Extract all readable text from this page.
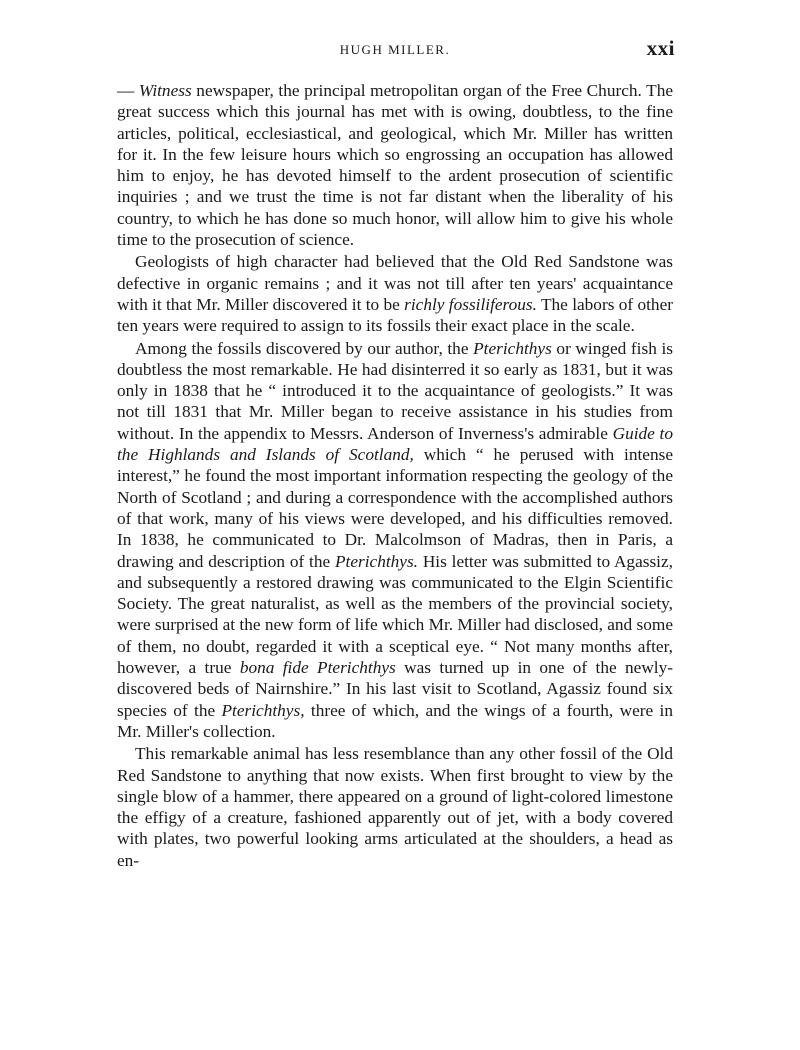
HUGH MILLER.	xxi

— Witness newspaper, the principal metropolitan organ of the Free Church. The great success which this journal has met with is owing, doubtless, to the fine articles, political, ecclesiastical, and geological, which Mr. Miller has written for it. In the few leisure hours which so engrossing an occupation has allowed him to enjoy, he has devoted himself to the ardent prosecution of scientific inquiries ; and we trust the time is not far distant when the liberality of his country, to which he has done so much honor, will allow him to give his whole time to the prosecution of science.

Geologists of high character had believed that the Old Red Sandstone was defective in organic remains ; and it was not till after ten years' acquaintance with it that Mr. Miller discovered it to be richly fossiliferous. The labors of other ten years were required to assign to its fossils their exact place in the scale.

Among the fossils discovered by our author, the Pterichthys or winged fish is doubtless the most remarkable. He had disinterred it so early as 1831, but it was only in 1838 that he “ introduced it to the acquaintance of geologists.” It was not till 1831 that Mr. Miller began to receive assistance in his studies from without. In the appendix to Messrs. Anderson of Inverness's admirable Guide to the Highlands and Islands of Scotland, which “ he perused with intense interest,” he found the most important information respecting the geology of the North of Scotland ; and during a correspondence with the accomplished authors of that work, many of his views were developed, and his difficulties removed. In 1838, he communicated to Dr. Malcolmson of Madras, then in Paris, a drawing and description of the Pterichthys. His letter was submitted to Agassiz, and subsequently a restored drawing was communicated to the Elgin Scientific Society. The great naturalist, as well as the members of the provincial society, were surprised at the new form of life which Mr. Miller had disclosed, and some of them, no doubt, regarded it with a sceptical eye. “ Not many months after, however, a true bona fide Pterichthys was turned up in one of the newly-discovered beds of Nairnshire.” In his last visit to Scotland, Agassiz found six species of the Pterichthys, three of which, and the wings of a fourth, were in Mr. Miller's collection.

This remarkable animal has less resemblance than any other fossil of the Old Red Sandstone to anything that now exists. When first brought to view by the single blow of a hammer, there appeared on a ground of light-colored limestone the effigy of a creature, fashioned apparently out of jet, with a body covered with plates, two powerful looking arms articulated at the shoulders, a head as en-
